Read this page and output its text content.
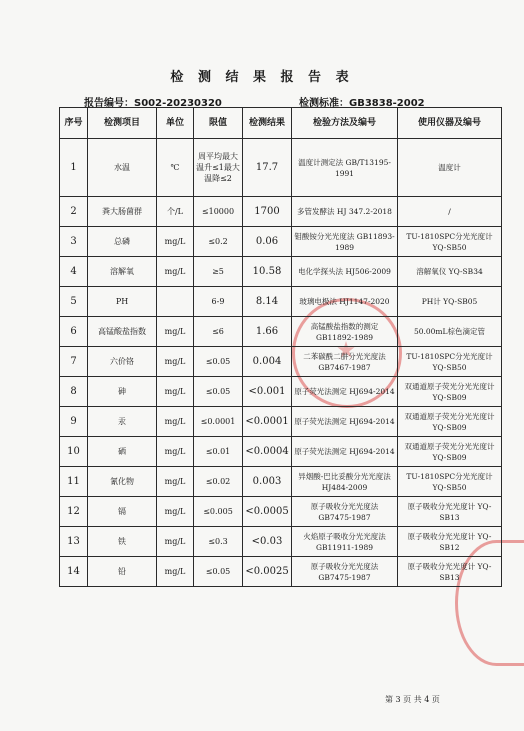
检 测 结 果 报 告 表
报告编号：S002-20230320	检测标准：GB3838-2002
序号	检测项目	单位	限值	检测结果	检验方法及编号	使用仪器及编号
1	水温	℃	周平均最大温升≤1最大温降≤2	17.7	温度计测定法 GB/T13195-1991	温度计
2	粪大肠菌群	个/L	≤10000	1700	多管发酵法 HJ 347.2-2018	/
3	总磷	mg/L	≤0.2	0.06	钼酸铵分光光度法 GB11893-1989	TU-1810SPC分光光度计 YQ-SB50
4	溶解氧	mg/L	≥5	10.58	电化学探头法 HJ506-2009	溶解氧仪 YQ-SB34
5	PH		6-9	8.14	玻璃电极法 HJ1147-2020	PH计 YQ-SB05
6	高锰酸盐指数	mg/L	≤6	1.66	高锰酸盐指数的测定 GB11892-1989	50.00mL棕色滴定管
7	六价铬	mg/L	≤0.05	0.004	二苯碳酰二肼分光光度法 GB7467-1987	TU-1810SPC分光光度计 YQ-SB50
8	砷	mg/L	≤0.05	<0.001	原子荧光法测定 HJ694-2014	双通道原子荧光分光光度计 YQ-SB09
9	汞	mg/L	≤0.0001	<0.0001	原子荧光法测定 HJ694-2014	双通道原子荧光分光光度计 YQ-SB09
10	硒	mg/L	≤0.01	<0.0004	原子荧光法测定 HJ694-2014	双通道原子荧光分光光度计 YQ-SB09
11	氰化物	mg/L	≤0.02	0.003	异烟酸-巴比妥酸分光光度法 HJ484-2009	TU-1810SPC分光光度计 YQ-SB50
12	镉	mg/L	≤0.005	<0.0005	原子吸收分光光度法 GB7475-1987	原子吸收分光光度计 YQ-SB13
13	铁	mg/L	≤0.3	<0.03	火焰原子吸收分光光度法 GB11911-1989	原子吸收分光光度计 YQ-SB12
14	铅	mg/L	≤0.05	<0.0025	原子吸收分光光度法 GB7475-1987	原子吸收分光光度计 YQ-SB13
第 3 页 共 4 页
